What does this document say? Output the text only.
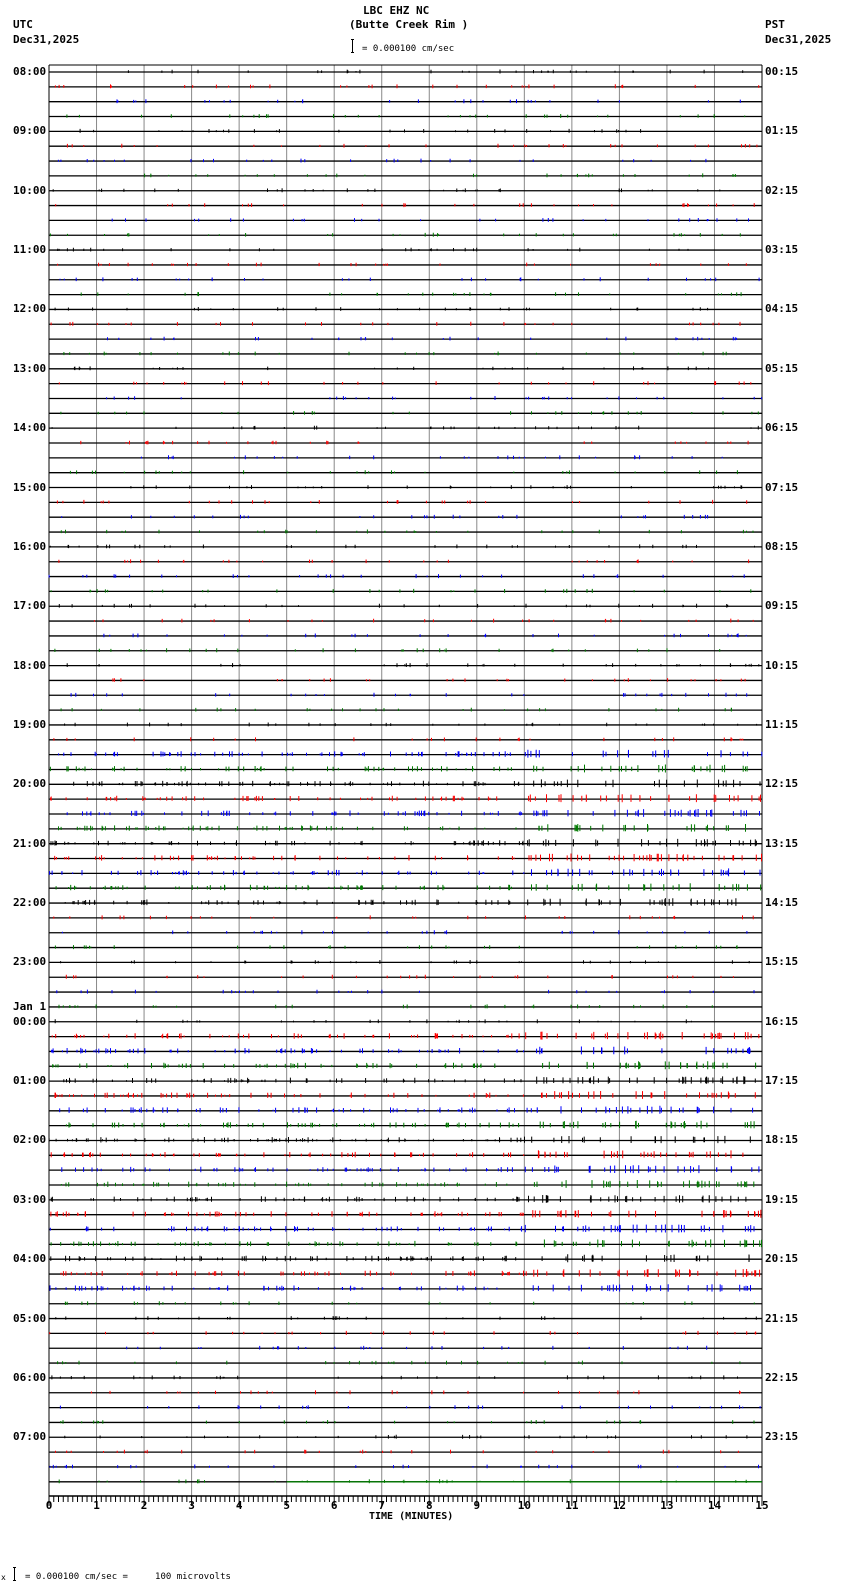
LBC EHZ NC
(Butte Creek Rim )
UTC
Dec31,2025
PST
Dec31,2025
= 0.000100 cm/sec
TIME (MINUTES)
x = 0.000100 cm/sec =     100 microvolts
0	1	2	3	4	5	6	7	8	9	10	11	12	13	14	15
08:00
09:00
10:00
11:00
12:00
13:00
14:00
15:00
16:00
17:00
18:00
19:00
20:00
21:00
22:00
23:00
00:00
01:00
02:00
03:00
04:00
05:00
06:00
07:00
00:15
01:15
02:15
03:15
04:15
05:15
06:15
07:15
08:15
09:15
10:15
11:15
12:15
13:15
14:15
15:15
16:15
17:15
18:15
19:15
20:15
21:15
22:15
23:15
Jan 1
